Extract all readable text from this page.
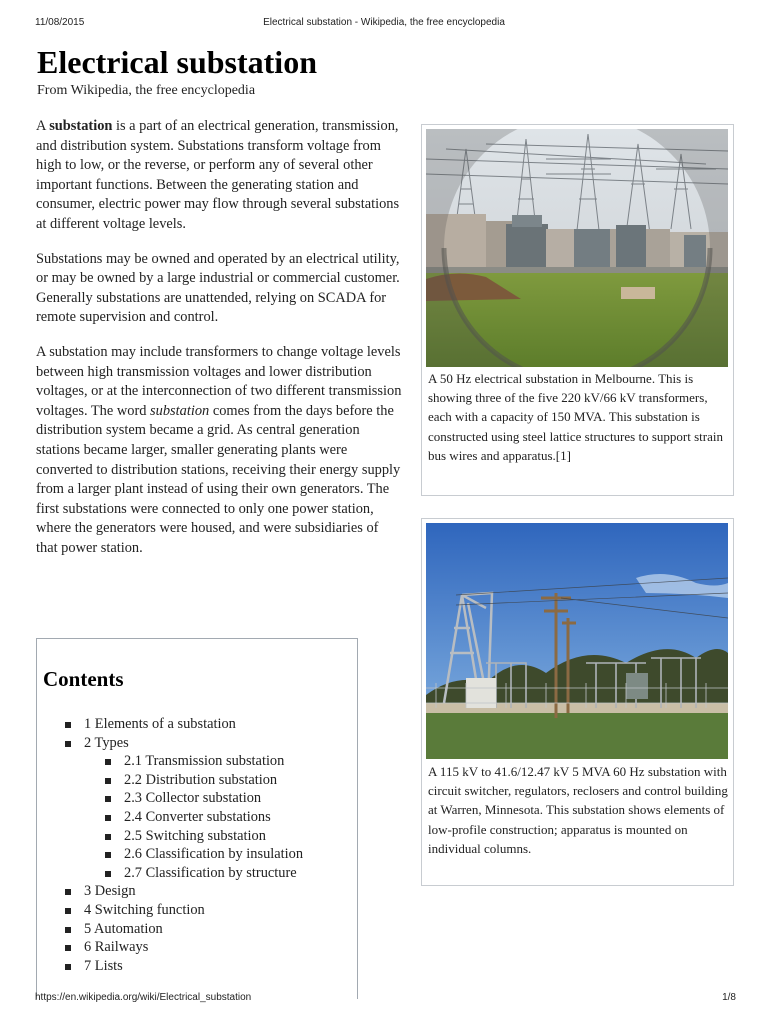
11/08/2015	Electrical substation - Wikipedia, the free encyclopedia
Electrical substation
From Wikipedia, the free encyclopedia

A substation is a part of an electrical generation, transmission, and distribution system. Substations transform voltage from high to low, or the reverse, or perform any of several other important functions. Between the generating station and consumer, electric power may flow through several substations at different voltage levels.

Substations may be owned and operated by an electrical utility, or may be owned by a large industrial or commercial customer. Generally substations are unattended, relying on SCADA for remote supervision and control.

A substation may include transformers to change voltage levels between high transmission voltages and lower distribution voltages, or at the interconnection of two different transmission voltages. The word substation comes from the days before the distribution system became a grid. As central generation stations became larger, smaller generating plants were converted to distribution stations, receiving their energy supply from a larger plant instead of using their own generators. The first substations were connected to only one power station, where the generators were housed, and were subsidiaries of that power station.

Contents
1 Elements of a substation
2 Types
2.1 Transmission substation
2.2 Distribution substation
2.3 Collector substation
2.4 Converter substations
2.5 Switching substation
2.6 Classification by insulation
2.7 Classification by structure
3 Design
4 Switching function
5 Automation
6 Railways
7 Lists
A 50 Hz electrical substation in Melbourne. This is showing three of the five 220 kV/66 kV transformers, each with a capacity of 150 MVA. This substation is constructed using steel lattice structures to support strain bus wires and apparatus.[1]
A 115 kV to 41.6/12.47 kV 5 MVA 60 Hz substation with circuit switcher, regulators, reclosers and control building at Warren, Minnesota. This substation shows elements of low-profile construction; apparatus is mounted on individual columns.
https://en.wikipedia.org/wiki/Electrical_substation	1/8
